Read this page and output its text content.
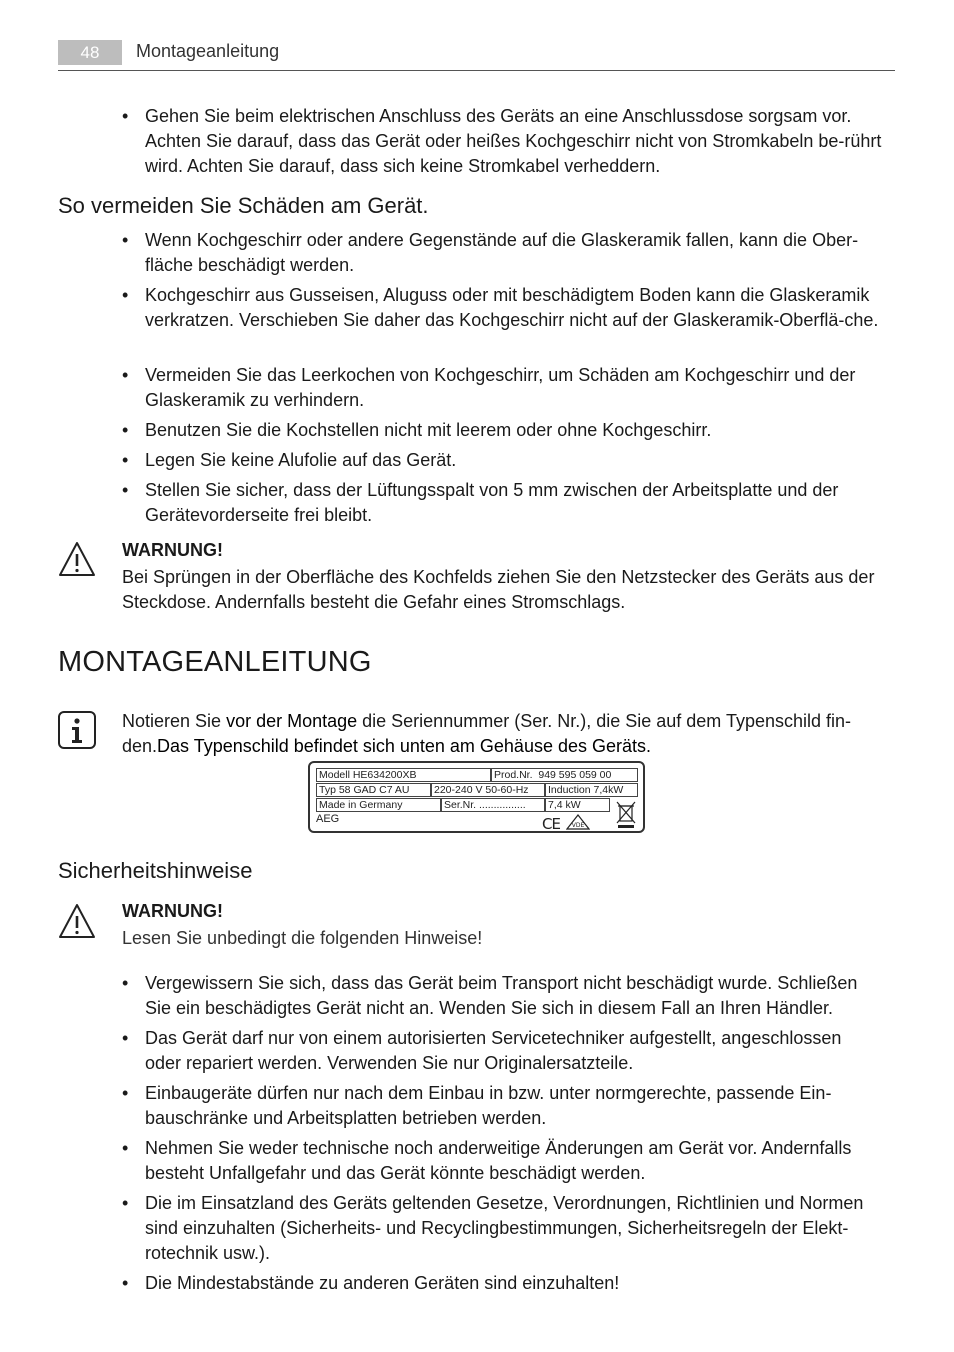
48	Montageanleitung
• Gehen Sie beim elektrischen Anschluss des Geräts an eine Anschlussdose sorgsam vor. Achten Sie darauf, dass das Gerät oder heißes Kochgeschirr nicht von Stromkabeln be-rührt wird. Achten Sie darauf, dass sich keine Stromkabel verheddern.
So vermeiden Sie Schäden am Gerät.
• Wenn Kochgeschirr oder andere Gegenstände auf die Glaskeramik fallen, kann die Ober-fläche beschädigt werden.
• Kochgeschirr aus Gusseisen, Aluguss oder mit beschädigtem Boden kann die Glaskeramik verkratzen. Verschieben Sie daher das Kochgeschirr nicht auf der Glaskeramik-Oberflä-che.
• Vermeiden Sie das Leerkochen von Kochgeschirr, um Schäden am Kochgeschirr und der Glaskeramik zu verhindern.
• Benutzen Sie die Kochstellen nicht mit leerem oder ohne Kochgeschirr.
• Legen Sie keine Alufolie auf das Gerät.
• Stellen Sie sicher, dass der Lüftungsspalt von 5 mm zwischen der Arbeitsplatte und der Gerätevorderseite frei bleibt.
WARNUNG!
Bei Sprüngen in der Oberfläche des Kochfelds ziehen Sie den Netzstecker des Geräts aus der Steckdose. Andernfalls besteht die Gefahr eines Stromschlags.
MONTAGEANLEITUNG
Notieren Sie vor der Montage die Seriennummer (Ser. Nr.), die Sie auf dem Typenschild fin-den.Das Typenschild befindet sich unten am Gehäuse des Geräts.
Modell HE634200XB	Prod.Nr. 949 595 059 00
Typ 58 GAD C7 AU	220-240 V 50-60-Hz	Induction 7,4kW
Made in Germany	Ser.Nr. ................	7,4 kW
AEG	CE VDE
Sicherheitshinweise
WARNUNG!
Lesen Sie unbedingt die folgenden Hinweise!
• Vergewissern Sie sich, dass das Gerät beim Transport nicht beschädigt wurde. Schließen Sie ein beschädigtes Gerät nicht an. Wenden Sie sich in diesem Fall an Ihren Händler.
• Das Gerät darf nur von einem autorisierten Servicetechniker aufgestellt, angeschlossen oder repariert werden. Verwenden Sie nur Originalersatzteile.
• Einbaugeräte dürfen nur nach dem Einbau in bzw. unter normgerechte, passende Ein-bauschränke und Arbeitsplatten betrieben werden.
• Nehmen Sie weder technische noch anderweitige Änderungen am Gerät vor. Andernfalls besteht Unfallgefahr und das Gerät könnte beschädigt werden.
• Die im Einsatzland des Geräts geltenden Gesetze, Verordnungen, Richtlinien und Normen sind einzuhalten (Sicherheits- und Recyclingbestimmungen, Sicherheitsregeln der Elekt-rotechnik usw.).
• Die Mindestabstände zu anderen Geräten sind einzuhalten!
